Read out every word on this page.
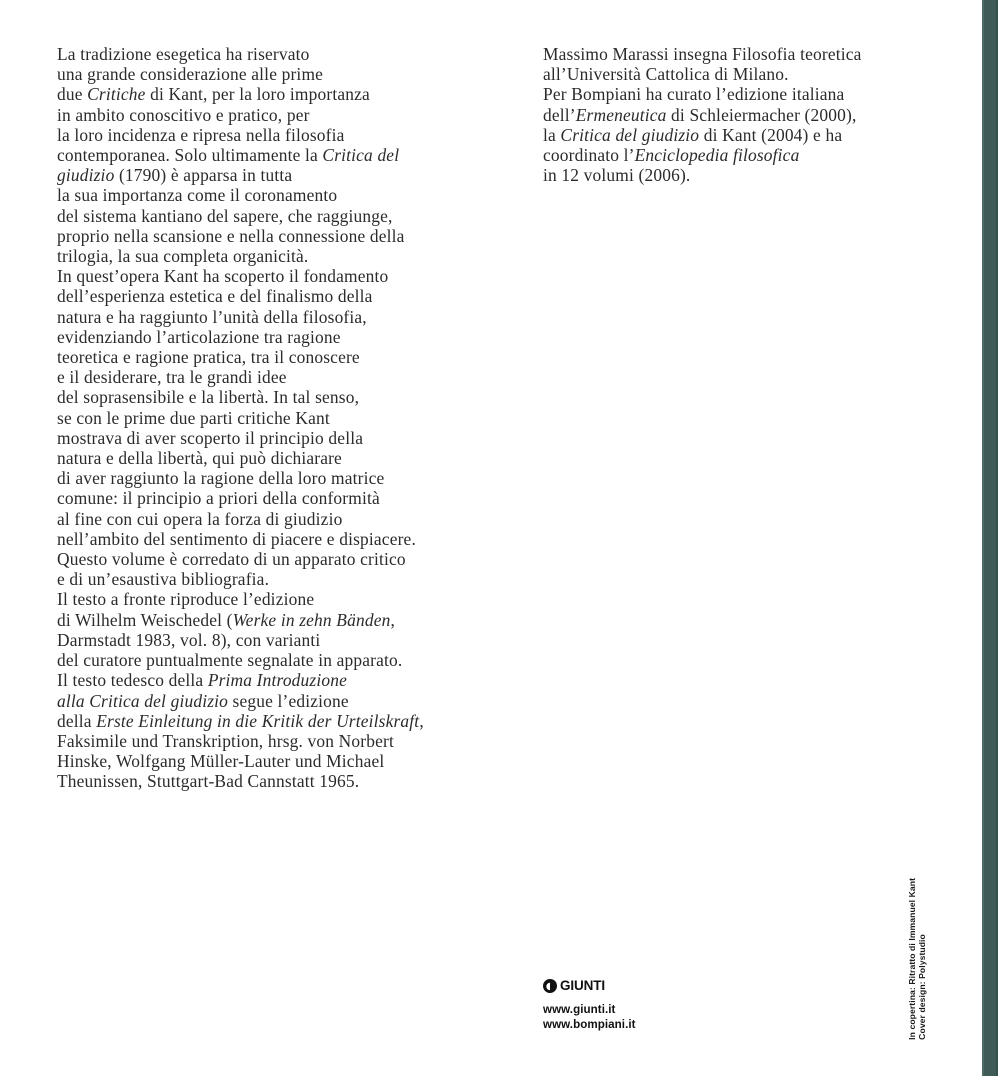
La tradizione esegetica ha riservato
una grande considerazione alle prime
due Critiche di Kant, per la loro importanza
in ambito conoscitivo e pratico, per
la loro incidenza e ripresa nella filosofia
contemporanea. Solo ultimamente la Critica del
giudizio (1790) è apparsa in tutta
la sua importanza come il coronamento
del sistema kantiano del sapere, che raggiunge,
proprio nella scansione e nella connessione della
trilogia, la sua completa organicità.

In quest’opera Kant ha scoperto il fondamento
dell’esperienza estetica e del finalismo della
natura e ha raggiunto l’unità della filosofia,
evidenziando l’articolazione tra ragione
teoretica e ragione pratica, tra il conoscere
e il desiderare, tra le grandi idee
del soprasensibile e la libertà. In tal senso,
se con le prime due parti critiche Kant
mostrava di aver scoperto il principio della
natura e della libertà, qui può dichiarare
di aver raggiunto la ragione della loro matrice
comune: il principio a priori della conformità
al fine con cui opera la forza di giudizio
nell’ambito del sentimento di piacere e dispiacere.

Questo volume è corredato di un apparato critico
e di un’esaustiva bibliografia.

Il testo a fronte riproduce l’edizione
di Wilhelm Weischedel (Werke in zehn Bänden,
Darmstadt 1983, vol. 8), con varianti
del curatore puntualmente segnalate in apparato.

Il testo tedesco della Prima Introduzione
alla Critica del giudizio segue l’edizione
della Erste Einleitung in die Kritik der Urteilskraft,
Faksimile und Transkription, hrsg. von Norbert
Hinske, Wolfgang Müller-Lauter und Michael
Theunissen, Stuttgart-Bad Cannstatt 1965.

Massimo Marassi insegna Filosofia teoretica
all’Università Cattolica di Milano.

Per Bompiani ha curato l’edizione italiana
dell’Ermeneutica di Schleiermacher (2000),
la Critica del giudizio di Kant (2004) e ha
coordinato l’Enciclopedia filosofica
in 12 volumi (2006).

GIUNTI
www.giunti.it
www.bompiani.it	In copertina: Ritratto di Immanuel Kant Cover design: Polystudio
